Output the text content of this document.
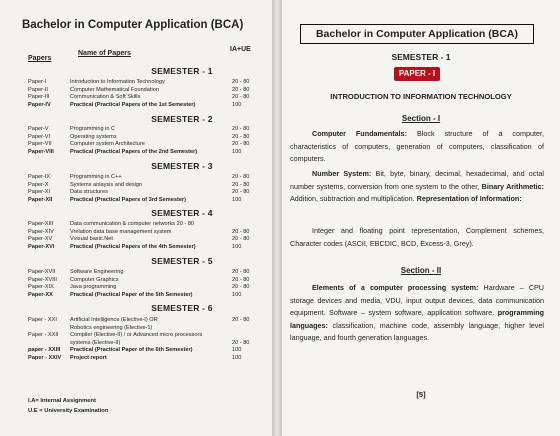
Bachelor in Computer Application (BCA)
Papers
Name of Papers
IA+UE
SEMESTER - 1
Paper-I	Introduction to Information Technology	20 - 80
Paper-II	Computer Mathematical Foundation	20 - 80
Paper-III	Communication & Soft Skills	20 - 80
Paper-IV	Practical (Practical Papers of the 1st Semester)	100
SEMESTER - 2
Paper-V	Programming in C	20 - 80
Paper-VI	Operating systems	20 - 80
Paper-VII	Computer system Architecture	20 - 80
Paper-VIII	Practical (Practical Papers of the 2nd Semester)	100
SEMESTER - 3
Paper-IX	Programming in C++	20 - 80
Paper-X	Systems anlaysis and design	20 - 80
Paper-XI	Data structures	20 - 80
Paper-XII	Practical (Practical Papers of 3rd Semester)	100
SEMESTER - 4
Paper-XIII	Data communication & computer networks 20 - 80
Paper-XIV	Vrelation data base management system	20 - 80
Paper-XV	Vvisual basic.Net	20 - 80
Paper-XVI	Practical (Practical Papers of the 4th Semester)	100
SEMESTER - 5
Paper-XVII	Software Engineering	20 - 80
Paper-XVIII Computer Graphics	20 - 80
Paper-XIX	Java programming	20 - 80
Paper-XX	Practical (Practical Paper of the 5th Semester)	100
SEMESTER - 6
Paper - XXI Artificial Intelligence (Elective-I) OR	20 - 80
Robotics engineering (Elective-1)
Paper - XXII Compiler (Elective-II) / or Advanced micro processors
systems (Elective-II)	20 - 80
paper - XXIII Practical (Practical Paper of the 6th Semester)	100
Paper - XXIV Project report	100
I.A= Internal Assignment
U.E = University Examination
Bachelor in Computer Application (BCA)
SEMESTER - 1
PAPER - I
INTRODUCTION TO INFORMATION TECHNOLOGY
Section - I
Computer Fundamentals: Block structure of a computer, characteristics of computers, generation of computers, classification of computers.
Number System: Bit, byte, binary, decimal, hexadecimal, and octal number systems, conversion from one system to the other, Binary Arithmetic: Addition, subtraction and multiplication. Representation of Information:
Integer and floating point representation, Complement schemes, Character codes (ASCII, EBCDIC, BCD, Excess-3, Grey).
Section - II
Elements of a computer processing system: Hardware – CPU storage devices and media, VDU, input output devices, data communication equipment. Software – system software, application software. programming languages: classification, machine code, assembly language, higher level language, and fourth generation languages.
[5]
